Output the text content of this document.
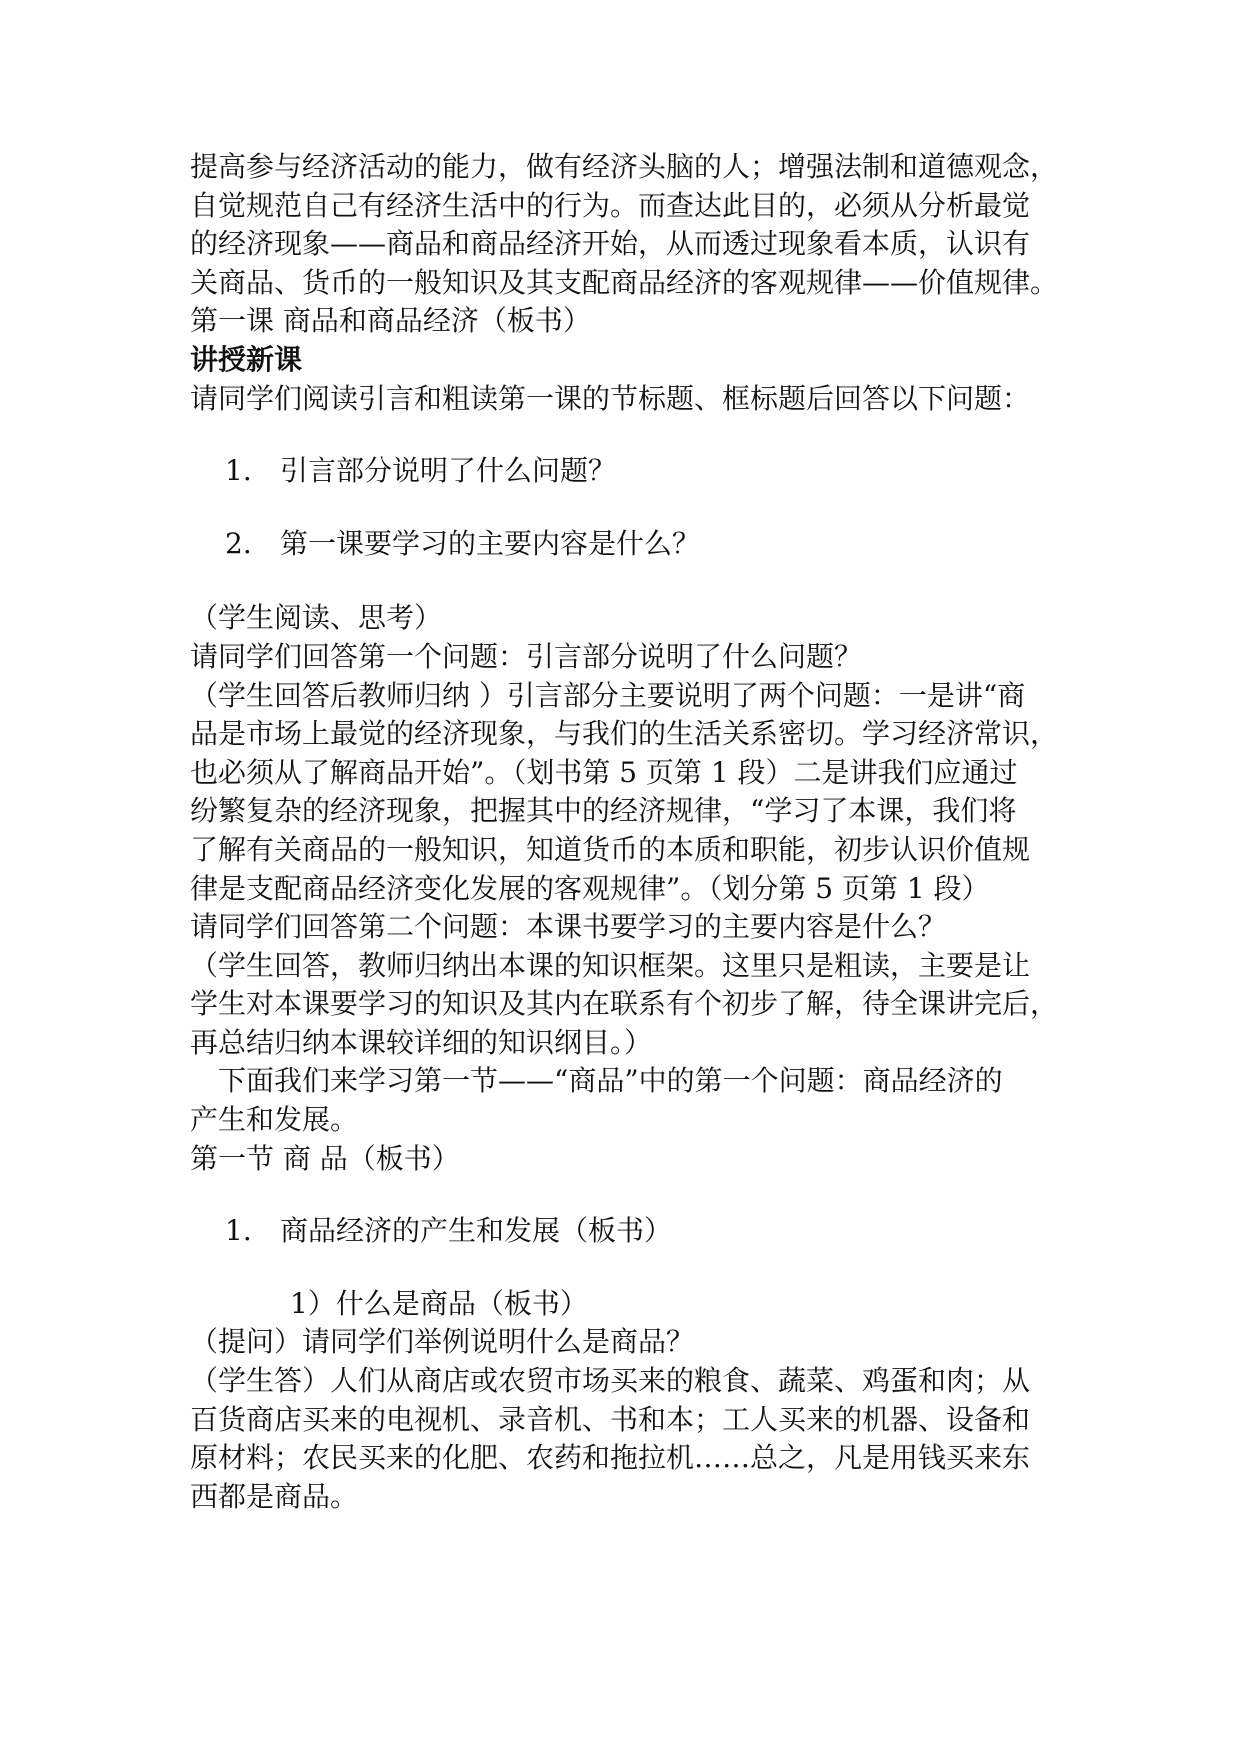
提高参与经济活动的能力，做有经济头脑的人；增强法制和道德观念，

自觉规范自己有经济生活中的行为。而查达此目的，必须从分析最觉

的经济现象——商品和商品经济开始，从而透过现象看本质，认识有

关商品、货币的一般知识及其支配商品经济的客观规律——价值规律。

第一课 商品和商品经济（板书）

讲授新课

请同学们阅读引言和粗读第一课的节标题、框标题后回答以下问题：

1. 引言部分说明了什么问题？

2. 第一课要学习的主要内容是什么？

（学生阅读、思考）

请同学们回答第一个问题：引言部分说明了什么问题？

（学生回答后教师归纳 ）引言部分主要说明了两个问题：一是讲“商

品是市场上最觉的经济现象，与我们的生活关系密切。学习经济常识，

也必须从了解商品开始”。（划书第 5 页第 1 段）二是讲我们应通过

纷繁复杂的经济现象，把握其中的经济规律，“学习了本课，我们将

了解有关商品的一般知识，知道货币的本质和职能，初步认识价值规

律是支配商品经济变化发展的客观规律”。（划分第 5 页第 1 段）

请同学们回答第二个问题：本课书要学习的主要内容是什么？

（学生回答，教师归纳出本课的知识框架。这里只是粗读，主要是让

学生对本课要学习的知识及其内在联系有个初步了解，待全课讲完后，

再总结归纳本课较详细的知识纲目。）

下面我们来学习第一节——“商品”中的第一个问题：商品经济的

产生和发展。

第一节 商 品（板书）

1. 商品经济的产生和发展（板书）

1）什么是商品（板书）

（提问）请同学们举例说明什么是商品？

（学生答）人们从商店或农贸市场买来的粮食、蔬菜、鸡蛋和肉；从

百货商店买来的电视机、录音机、书和本；工人买来的机器、设备和

原材料；农民买来的化肥、农药和拖拉机……总之，凡是用钱买来东

西都是商品。
